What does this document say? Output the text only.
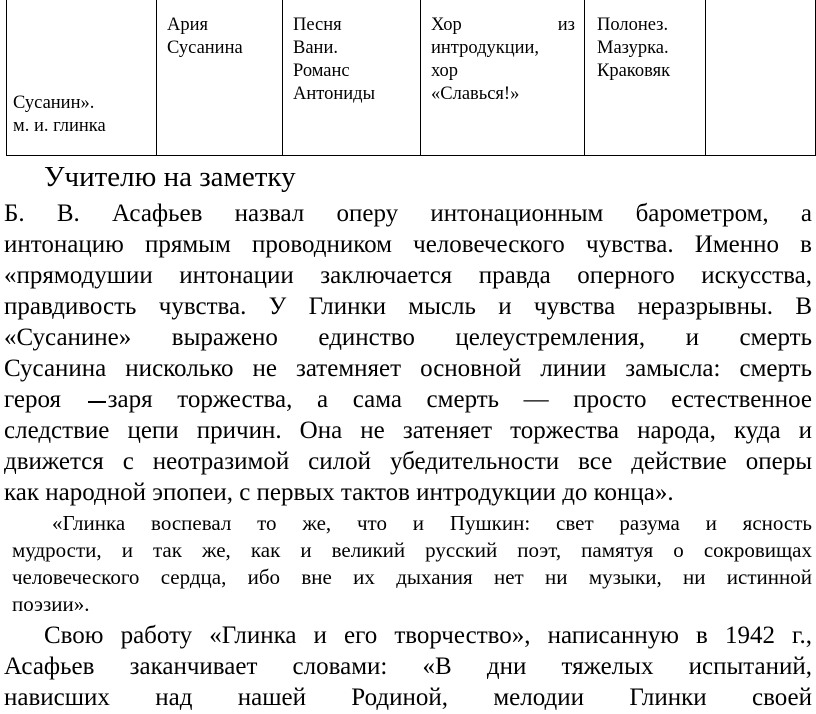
Сусанин».
м. и. глинка
Ария
Сусанина
Песня
Вани.
Романс
Антониды
Хор	из
интродукции,
хор
«Славься!»
Полонез.
Мазурка.
Краковяк
Учителю на заметку
Б. В. Асафьев назвал оперу интонационным барометром, а
интонацию прямым проводником человеческого чувства. Именно в
«прямодушии интонации заключается правда оперного искусства,
правдивость чувства. У Глинки мысль и чувства неразрывны. В
«Сусанине» выражено единство целеустремления, и смерть
Сусанина нисколько не затемняет основной линии замысла: смерть
героя заря торжества, а сама смерть — просто естественное
следствие цепи причин. Она не затеняет торжества народа, куда и
движется с неотразимой силой убедительности все действие оперы
как народной эпопеи, с первых тактов интродукции до конца».
«Глинка воспевал то же, что и Пушкин: свет разума и ясность
мудрости, и так же, как и великий русский поэт, памятуя о сокровищах
человеческого сердца, ибо вне их дыхания нет ни музыки, ни истинной
поэзии».
Свою работу «Глинка и его творчество», написанную в 1942 г.,
Асафьев заканчивает словами: «В дни тяжелых испытаний,
нависших над нашей Родиной, мелодии Глинки своей
